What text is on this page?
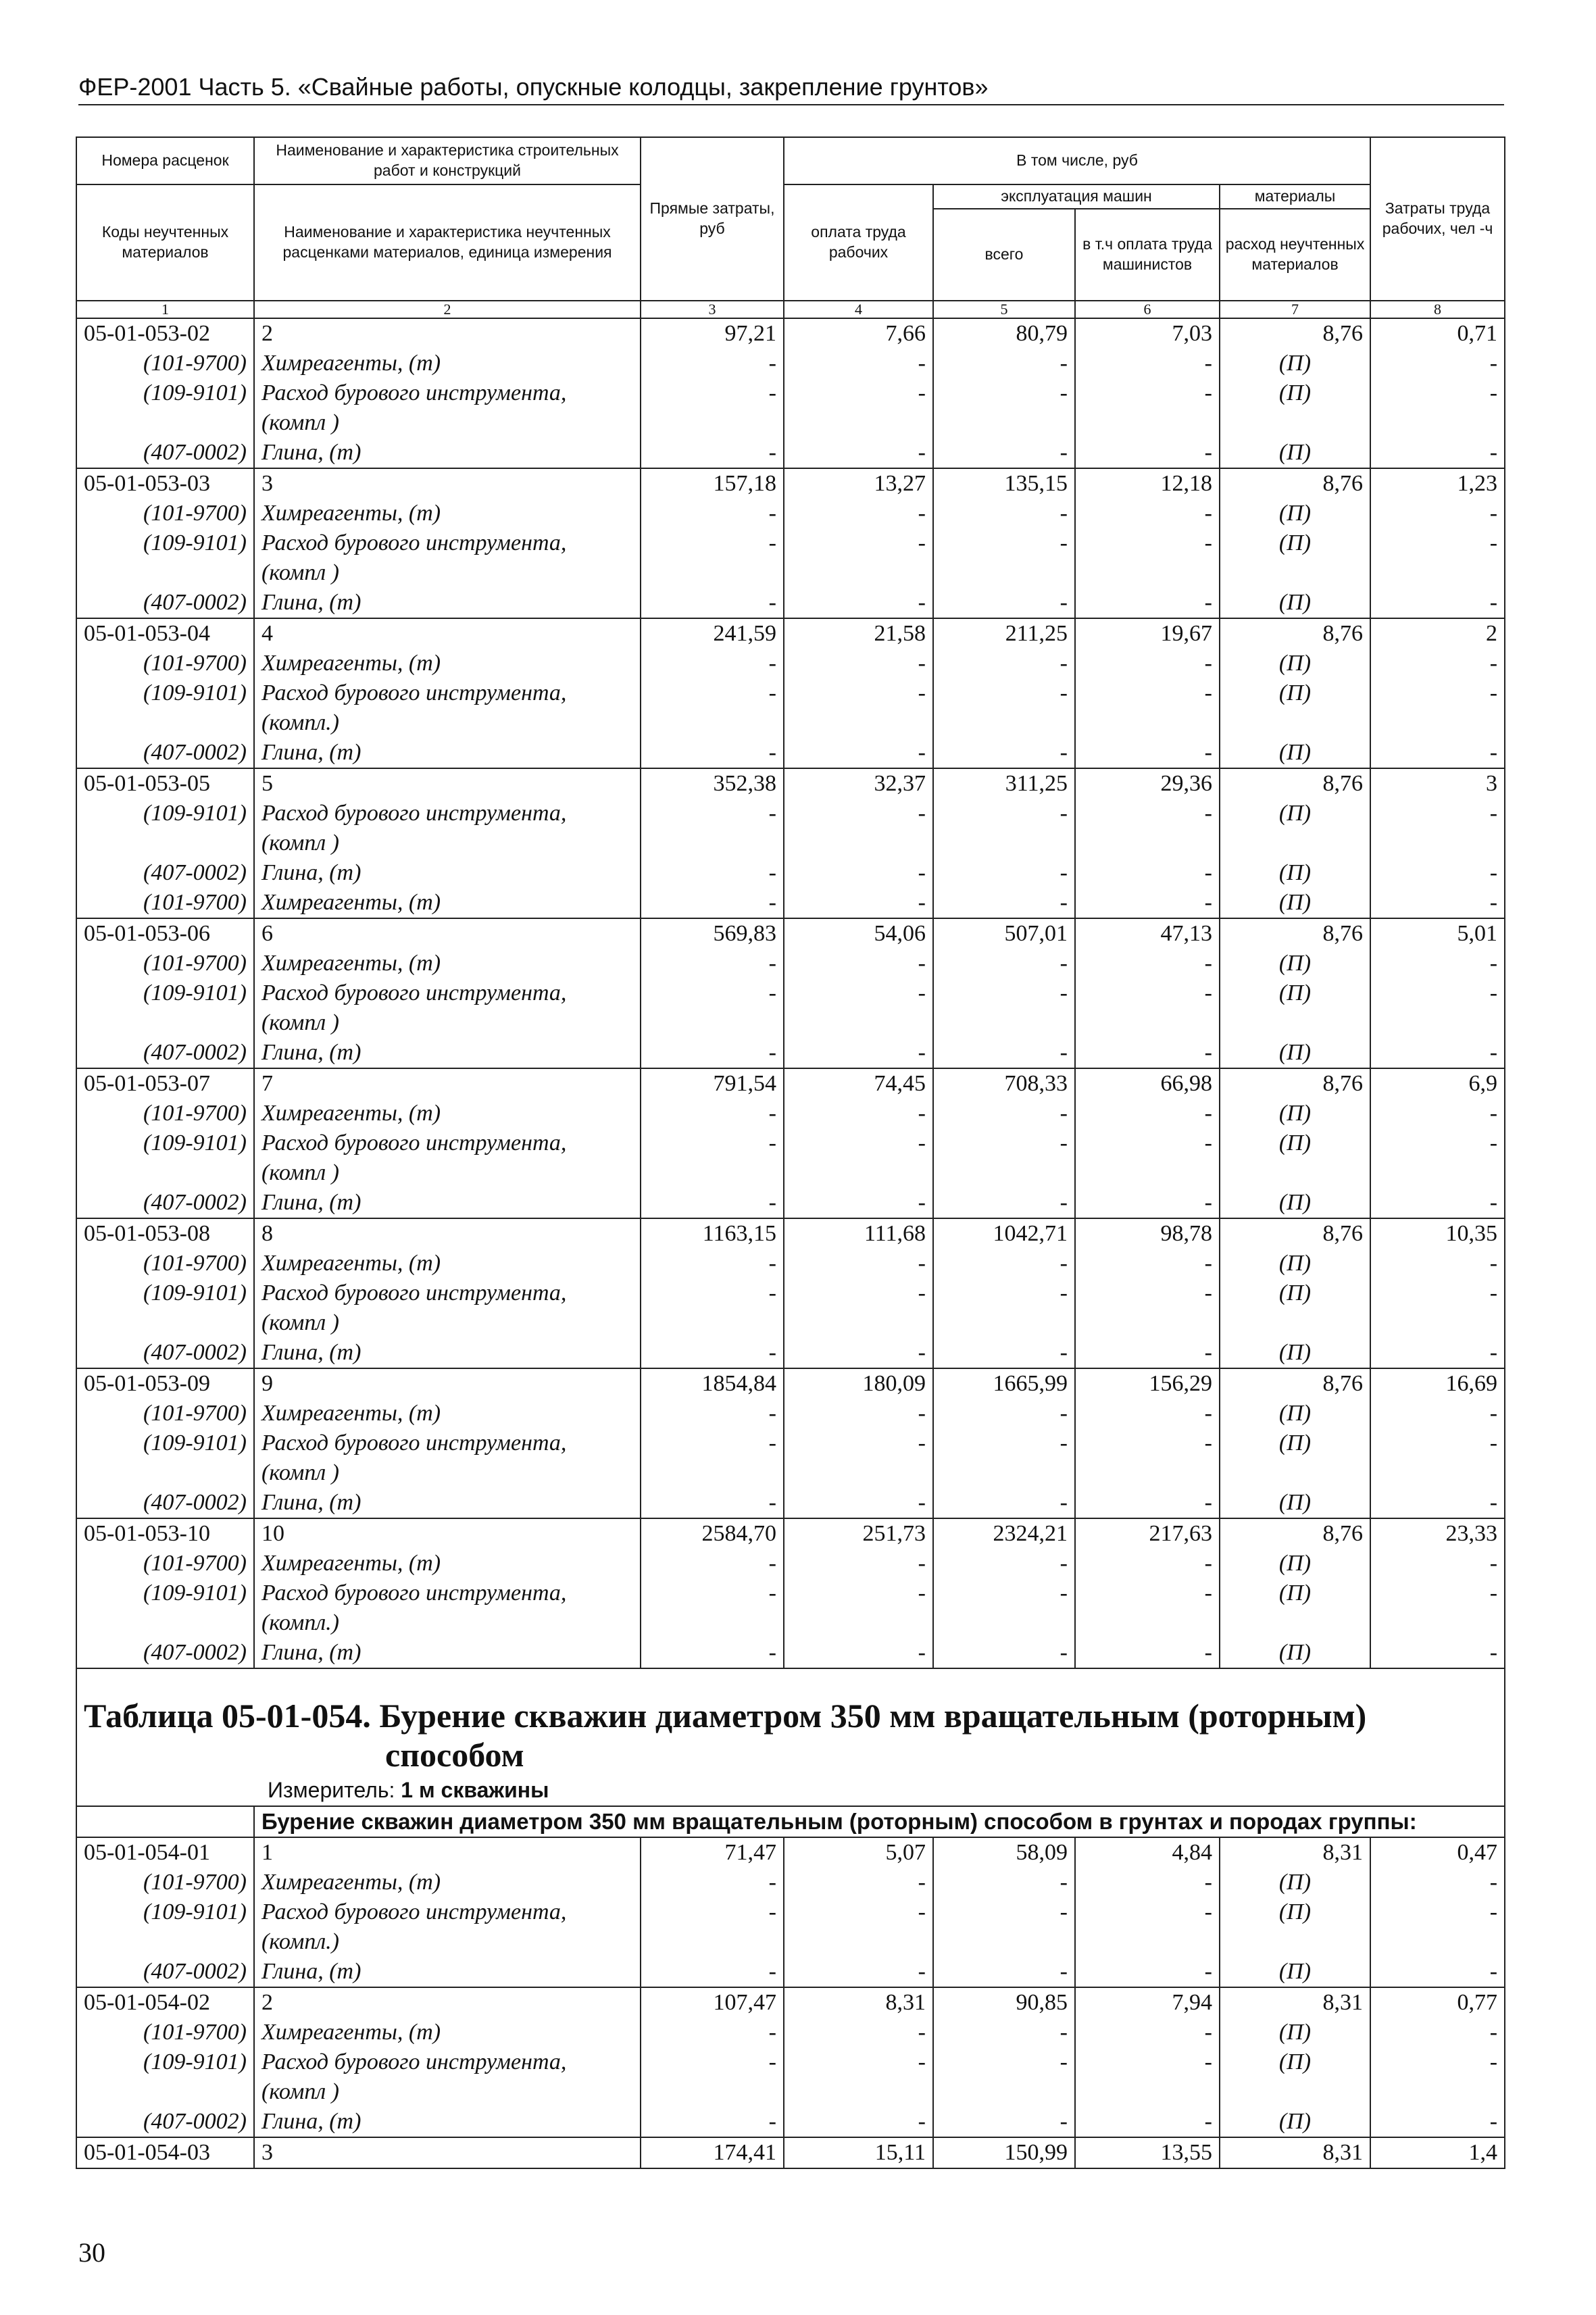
ФЕР-2001 Часть 5. «Свайные работы, опускные колодцы, закрепление грунтов»
Номера расценок	Наименование и характеристика строительных работ и конструкций	Прямые затраты, руб	В том числе, руб				Затраты труда рабочих, чел -ч
Коды неучтенных материалов	Наименование и характеристика неучтенных расценками материалов, единица измерения		оплата труда рабочих	эксплуатация машин		материалы	
				всего	в т.ч оплата труда машинистов	расход неучтенных материалов	
1	2	3	4	5	6	7	8
05-01-053-02	2	97,21	7,66	80,79	7,03	8,76	0,71
(101-9700)	Химреагенты, (т)	-	-	-	-	(П)	-
(109-9101)	Расход бурового инструмента,	-	-	-	-	(П)	-
	(компл )						
(407-0002)	Глина, (т)	-	-	-	-	(П)	-
05-01-053-03	3	157,18	13,27	135,15	12,18	8,76	1,23
(101-9700)	Химреагенты, (т)	-	-	-	-	(П)	-
(109-9101)	Расход бурового инструмента,	-	-	-	-	(П)	-
	(компл )						
(407-0002)	Глина, (т)	-	-	-	-	(П)	-
05-01-053-04	4	241,59	21,58	211,25	19,67	8,76	2
(101-9700)	Химреагенты, (т)	-	-	-	-	(П)	-
(109-9101)	Расход бурового инструмента,	-	-	-	-	(П)	-
	(компл.)						
(407-0002)	Глина, (т)	-	-	-	-	(П)	-
05-01-053-05	5	352,38	32,37	311,25	29,36	8,76	3
(109-9101)	Расход бурового инструмента,	-	-	-	-	(П)	-
	(компл )						
(407-0002)	Глина, (т)	-	-	-	-	(П)	-
(101-9700)	Химреагенты, (т)	-	-	-	-	(П)	-
05-01-053-06	6	569,83	54,06	507,01	47,13	8,76	5,01
(101-9700)	Химреагенты, (т)	-	-	-	-	(П)	-
(109-9101)	Расход бурового инструмента,	-	-	-	-	(П)	-
	(компл )						
(407-0002)	Глина, (т)	-	-	-	-	(П)	-
05-01-053-07	7	791,54	74,45	708,33	66,98	8,76	6,9
(101-9700)	Химреагенты, (т)	-	-	-	-	(П)	-
(109-9101)	Расход бурового инструмента,	-	-	-	-	(П)	-
	(компл )						
(407-0002)	Глина, (т)	-	-	-	-	(П)	-
05-01-053-08	8	1163,15	111,68	1042,71	98,78	8,76	10,35
(101-9700)	Химреагенты, (т)	-	-	-	-	(П)	-
(109-9101)	Расход бурового инструмента,	-	-	-	-	(П)	-
	(компл )						
(407-0002)	Глина, (т)	-	-	-	-	(П)	-
05-01-053-09	9	1854,84	180,09	1665,99	156,29	8,76	16,69
(101-9700)	Химреагенты, (т)	-	-	-	-	(П)	-
(109-9101)	Расход бурового инструмента,	-	-	-	-	(П)	-
	(компл )						
(407-0002)	Глина, (т)	-	-	-	-	(П)	-
05-01-053-10	10	2584,70	251,73	2324,21	217,63	8,76	23,33
(101-9700)	Химреагенты, (т)	-	-	-	-	(П)	-
(109-9101)	Расход бурового инструмента,	-	-	-	-	(П)	-
	(компл.)						
(407-0002)	Глина, (т)	-	-	-	-	(П)	-

Таблица 05-01-054. Бурение скважин диаметром 350 мм вращательным (роторным)
способом							

Измеритель: 1 м скважины							
	Бурение скважин диаметром 350 мм вращательным (роторным) способом в грунтах и породах группы:						
05-01-054-01	1	71,47	5,07	58,09	4,84	8,31	0,47
(101-9700)	Химреагенты, (т)	-	-	-	-	(П)	-
(109-9101)	Расход бурового инструмента,	-	-	-	-	(П)	-
	(компл.)						
(407-0002)	Глина, (т)	-	-	-	-	(П)	-
05-01-054-02	2	107,47	8,31	90,85	7,94	8,31	0,77
(101-9700)	Химреагенты, (т)	-	-	-	-	(П)	-
(109-9101)	Расход бурового инструмента,	-	-	-	-	(П)	-
	(компл )						
(407-0002)	Глина, (т)	-	-	-	-	(П)	-
05-01-054-03	3	174,41	15,11	150,99	13,55	8,31	1,4
30
